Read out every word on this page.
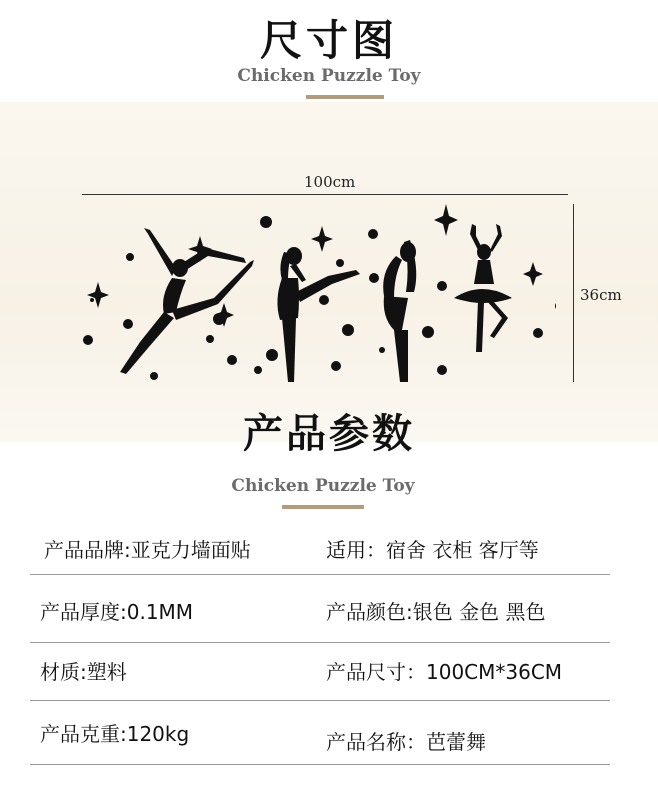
尺寸图
Chicken Puzzle Toy
100cm
36cm
产品参数
Chicken Puzzle Toy
产品品牌:亚克力墙面贴	适用：宿舍 衣柜 客厅等
产品厚度:0.1MM	产品颜色:银色 金色 黑色
材质:塑料	产品尺寸：100CM*36CM
产品克重:120kg	产品名称：芭蕾舞
